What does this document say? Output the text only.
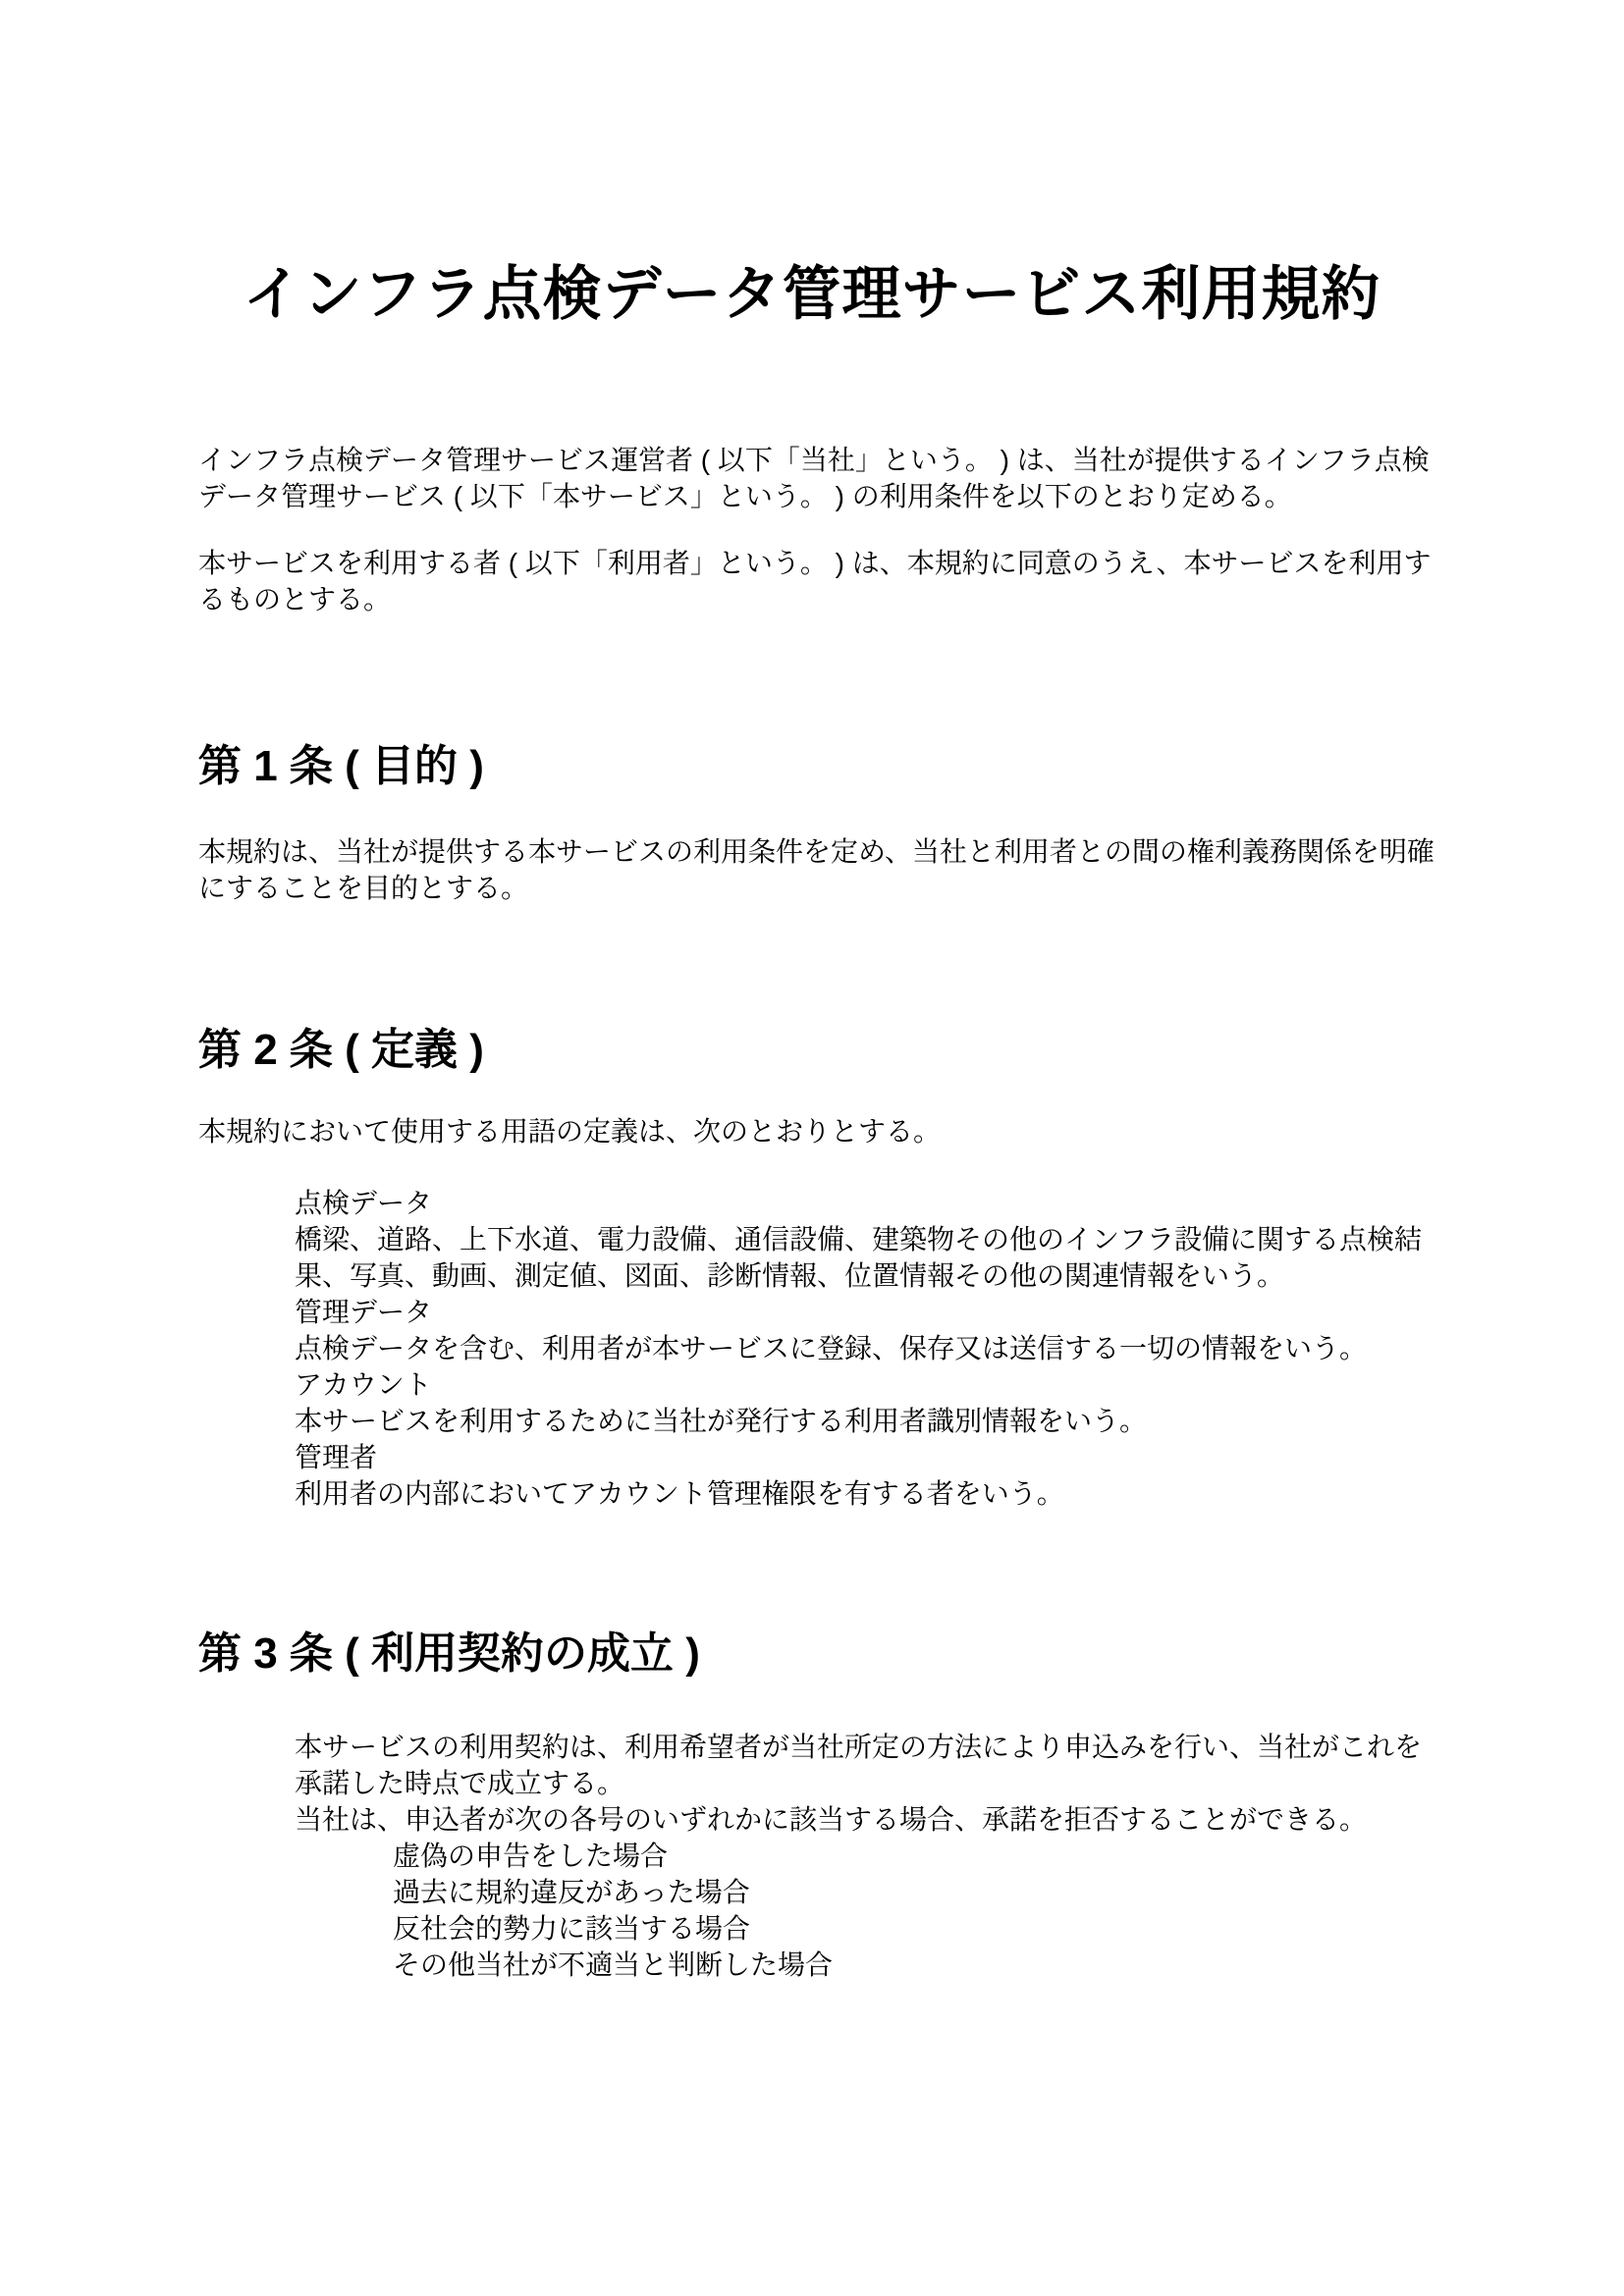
インフラ点検データ管理サービス利用規約

インフラ点検データ管理サービス運営者 ( 以下「当社」という。 ) は、当社が提供するインフラ点検データ管理サービス ( 以下「本サービス」という。 ) の利用条件を以下のとおり定める。

本サービスを利用する者 ( 以下「利用者」という。 ) は、本規約に同意のうえ、本サービスを利用するものとする。

第 1 条 ( 目的 )

本規約は、当社が提供する本サービスの利用条件を定め、当社と利用者との間の権利義務関係を明確にすることを目的とする。

第 2 条 ( 定義 )

本規約において使用する用語の定義は、次のとおりとする。

点検データ
橋梁、道路、上下水道、電力設備、通信設備、建築物その他のインフラ設備に関する点検結果、写真、動画、測定値、図面、診断情報、位置情報その他の関連情報をいう。
管理データ
点検データを含む、利用者が本サービスに登録、保存又は送信する一切の情報をいう。
アカウント
本サービスを利用するために当社が発行する利用者識別情報をいう。
管理者
利用者の内部においてアカウント管理権限を有する者をいう。
第 3 条 ( 利用契約の成立 )
本サービスの利用契約は、利用希望者が当社所定の方法により申込みを行い、当社がこれを承諾した時点で成立する。
当社は、申込者が次の各号のいずれかに該当する場合、承諾を拒否することができる。
虚偽の申告をした場合
過去に規約違反があった場合
反社会的勢力に該当する場合
その他当社が不適当と判断した場合
